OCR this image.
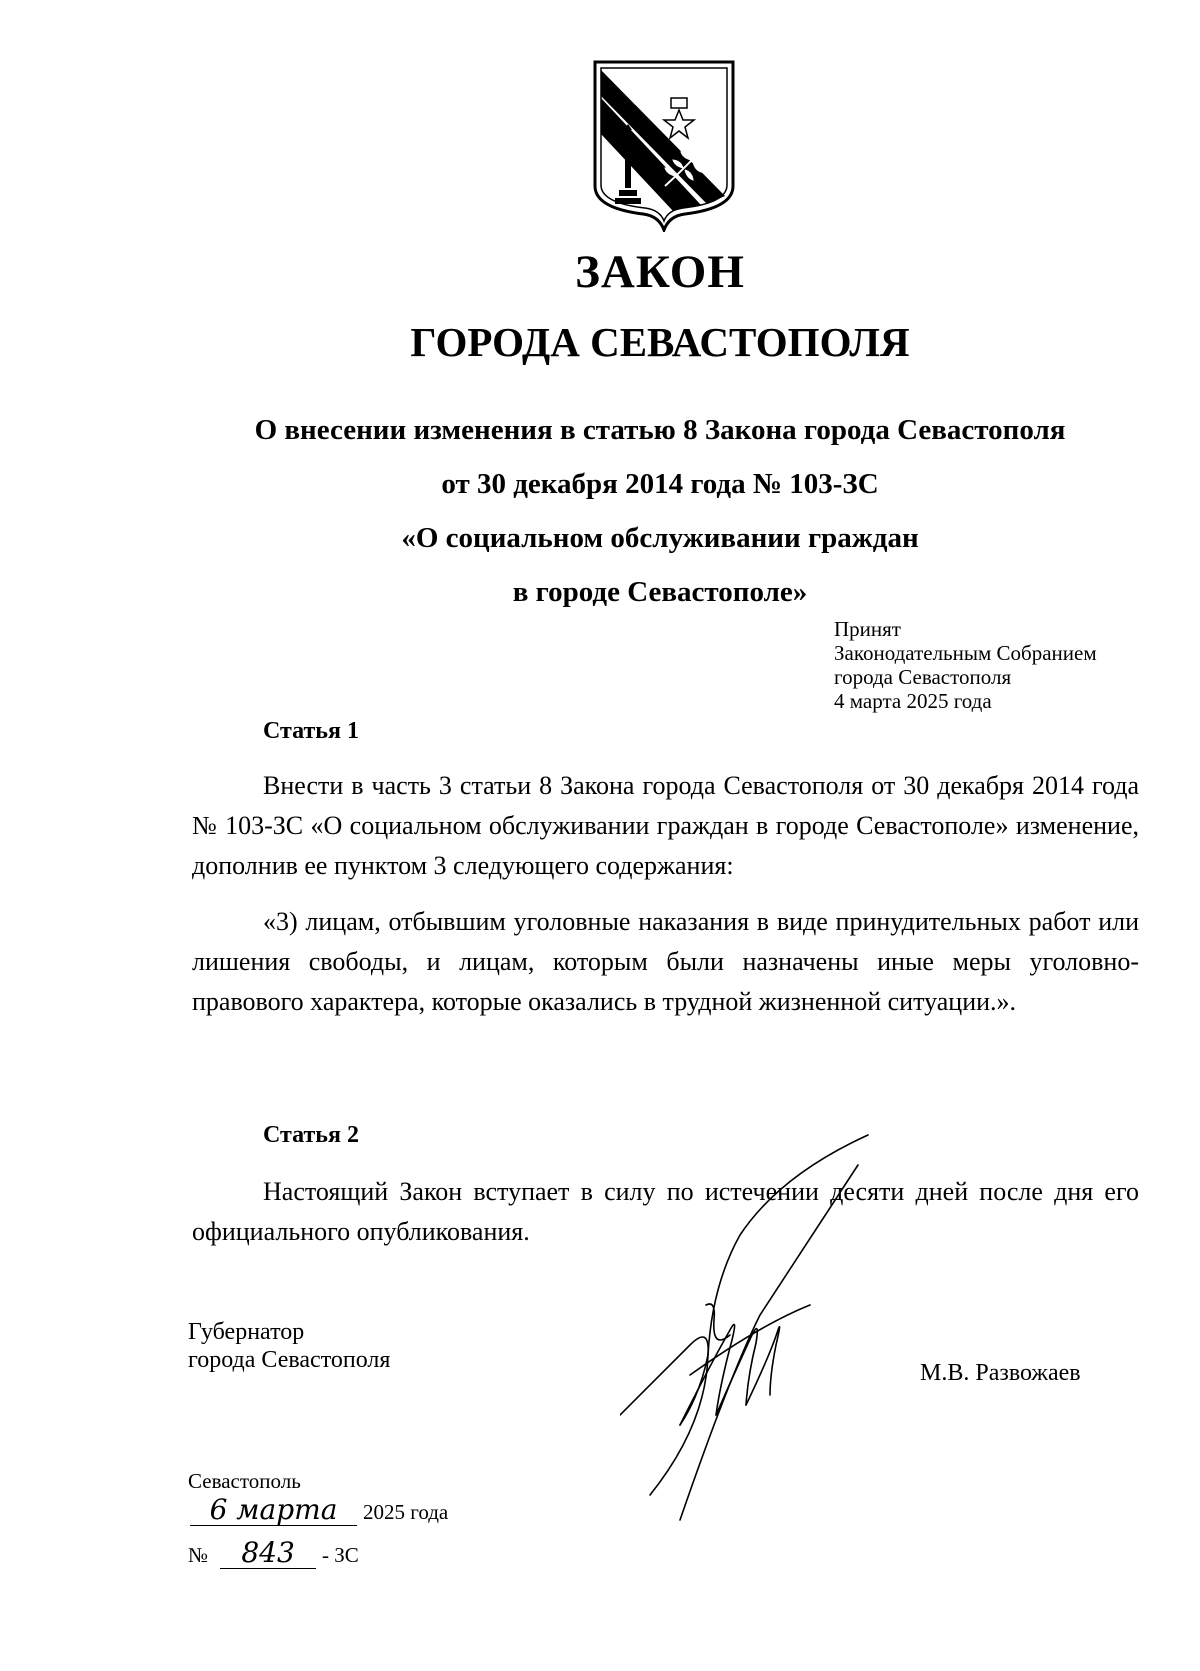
ЗАКОН
ГОРОДА СЕВАСТОПОЛЯ
О внесении изменения в статью 8 Закона города Севастополя
от 30 декабря 2014 года № 103-ЗС
«О социальном обслуживании граждан
в городе Севастополе»
Принят
Законодательным Собранием
города Севастополя
4 марта 2025 года
Статья 1
Внести в часть 3 статьи 8 Закона города Севастополя от 30 декабря 2014 года № 103-ЗС «О социальном обслуживании граждан в городе Севастополе» изменение, дополнив ее пунктом 3 следующего содержания:
«3) лицам, отбывшим уголовные наказания в виде принудительных работ или лишения свободы, и лицам, которым были назначены иные меры уголовно-правового характера, которые оказались в трудной жизненной ситуации.».
Статья 2
Настоящий Закон вступает в силу по истечении десяти дней после дня его официального опубликования.
Губернатор
города Севастополя	М.В. Развожаев
Севастополь
6 марта 2025 года
№ 843 - ЗС
